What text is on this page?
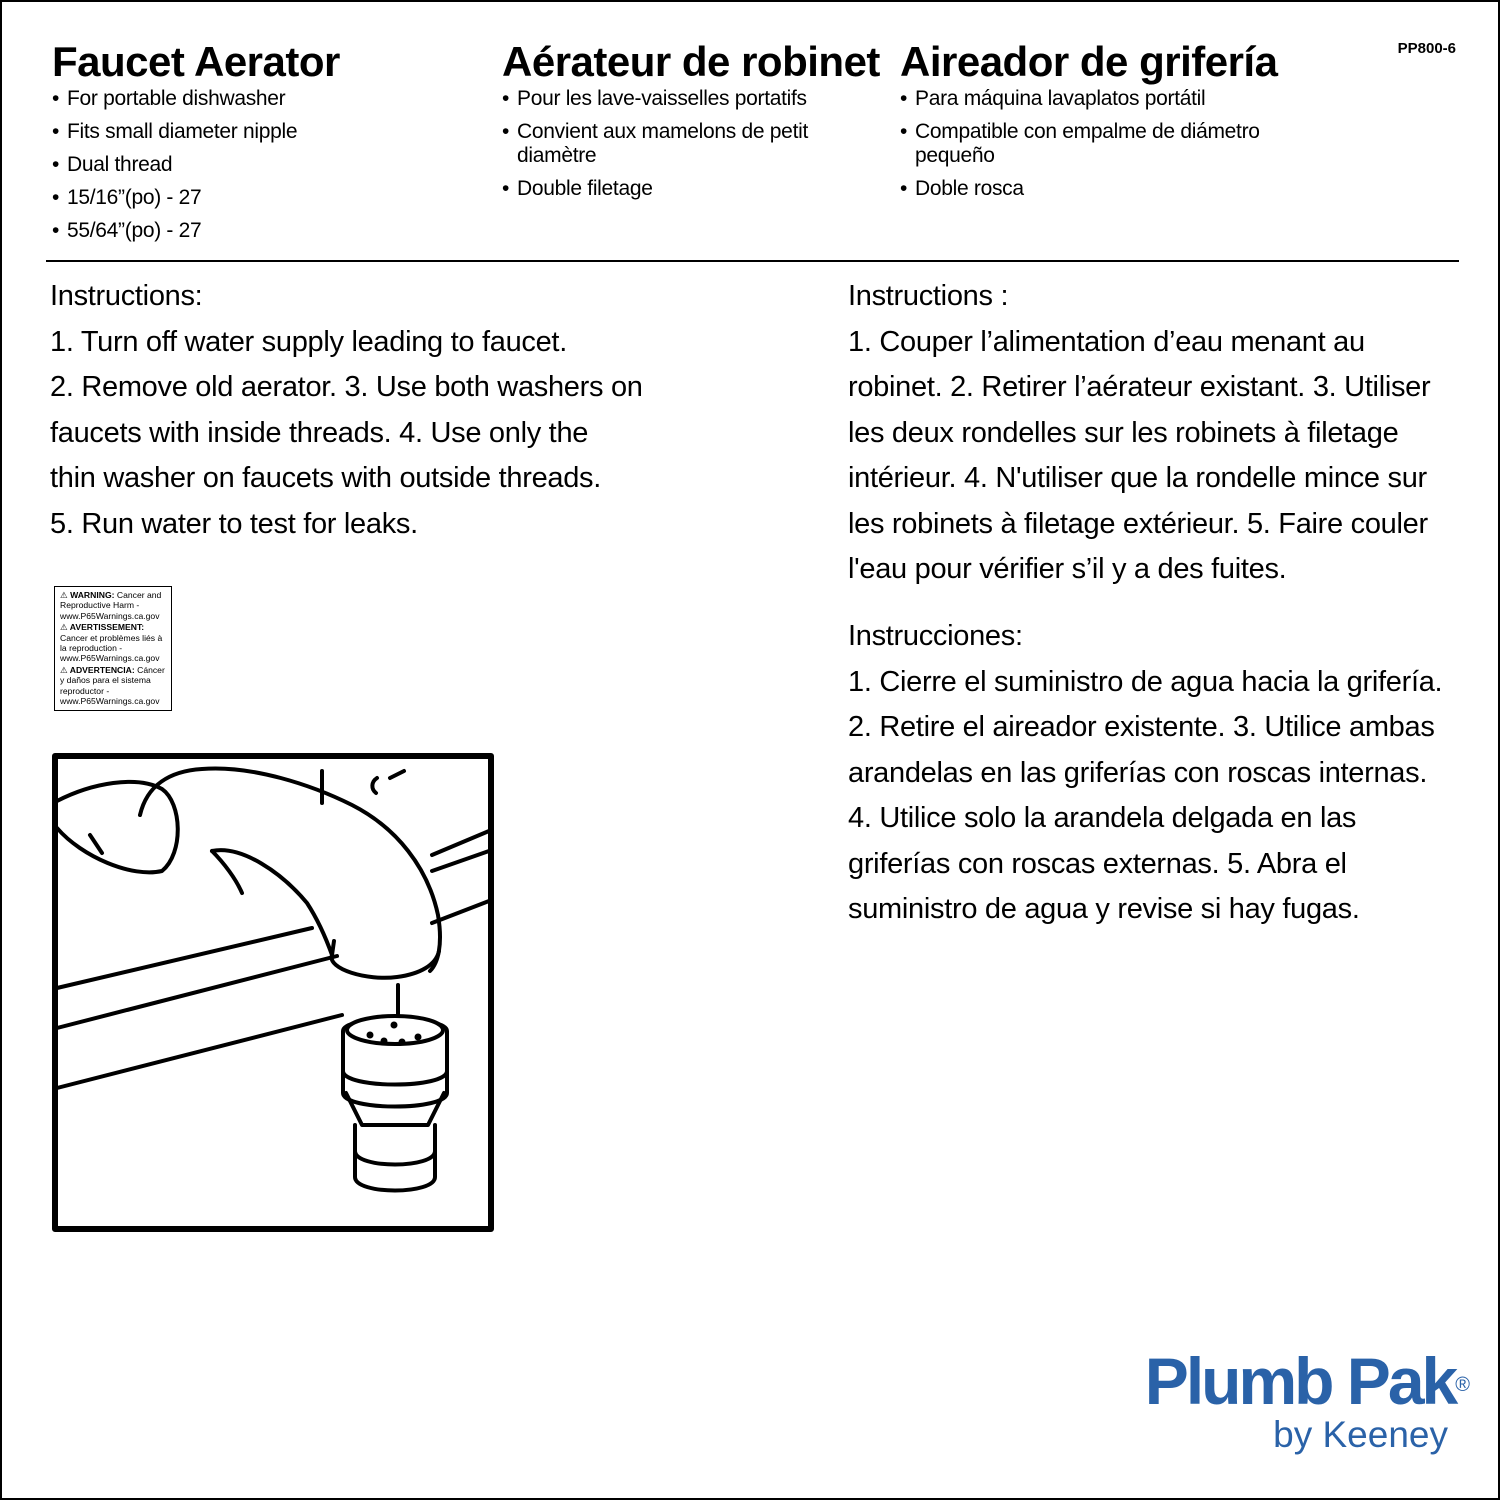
PP800-6
Faucet Aerator
• For portable dishwasher
• Fits small diameter nipple
• Dual thread
• 15/16”(po) - 27
• 55/64”(po) - 27
Aérateur de robinet
• Pour les lave-vaisselles portatifs
• Convient aux mamelons de petit diamètre
• Double filetage
Aireador de grifería
• Para máquina lavaplatos portátil
• Compatible con empalme de diámetro pequeño
• Doble rosca

Instructions:

1. Turn off water supply leading to faucet.

2. Remove old aerator. 3. Use both washers on

faucets with inside threads. 4. Use only the

thin washer on faucets with outside threads.

5. Run water to test for leaks.

Instructions :

1. Couper l’alimentation d’eau menant au

robinet. 2. Retirer l’aérateur existant. 3. Utiliser

les deux rondelles sur les robinets à filetage

intérieur. 4. N'utiliser que la rondelle mince sur

les robinets à filetage extérieur. 5. Faire couler

l'eau pour vérifier s’il y a des fuites.

Instrucciones:

1. Cierre el suministro de agua hacia la grifería.

2. Retire el aireador existente. 3. Utilice ambas

arandelas en las griferías con roscas internas.

4. Utilice solo la arandela delgada en las

griferías con roscas externas. 5. Abra el

suministro de agua y revise si hay fugas.

⚠ WARNING: Cancer and Reproductive Harm - www.P65Warnings.ca.gov

⚠ AVERTISSEMENT: Cancer et problèmes liés à la reproduction - www.P65Warnings.ca.gov

⚠ ADVERTENCIA: Cáncer y daños para el sistema reproductor - www.P65Warnings.ca.gov

Plumb Pak®
by Keeney
